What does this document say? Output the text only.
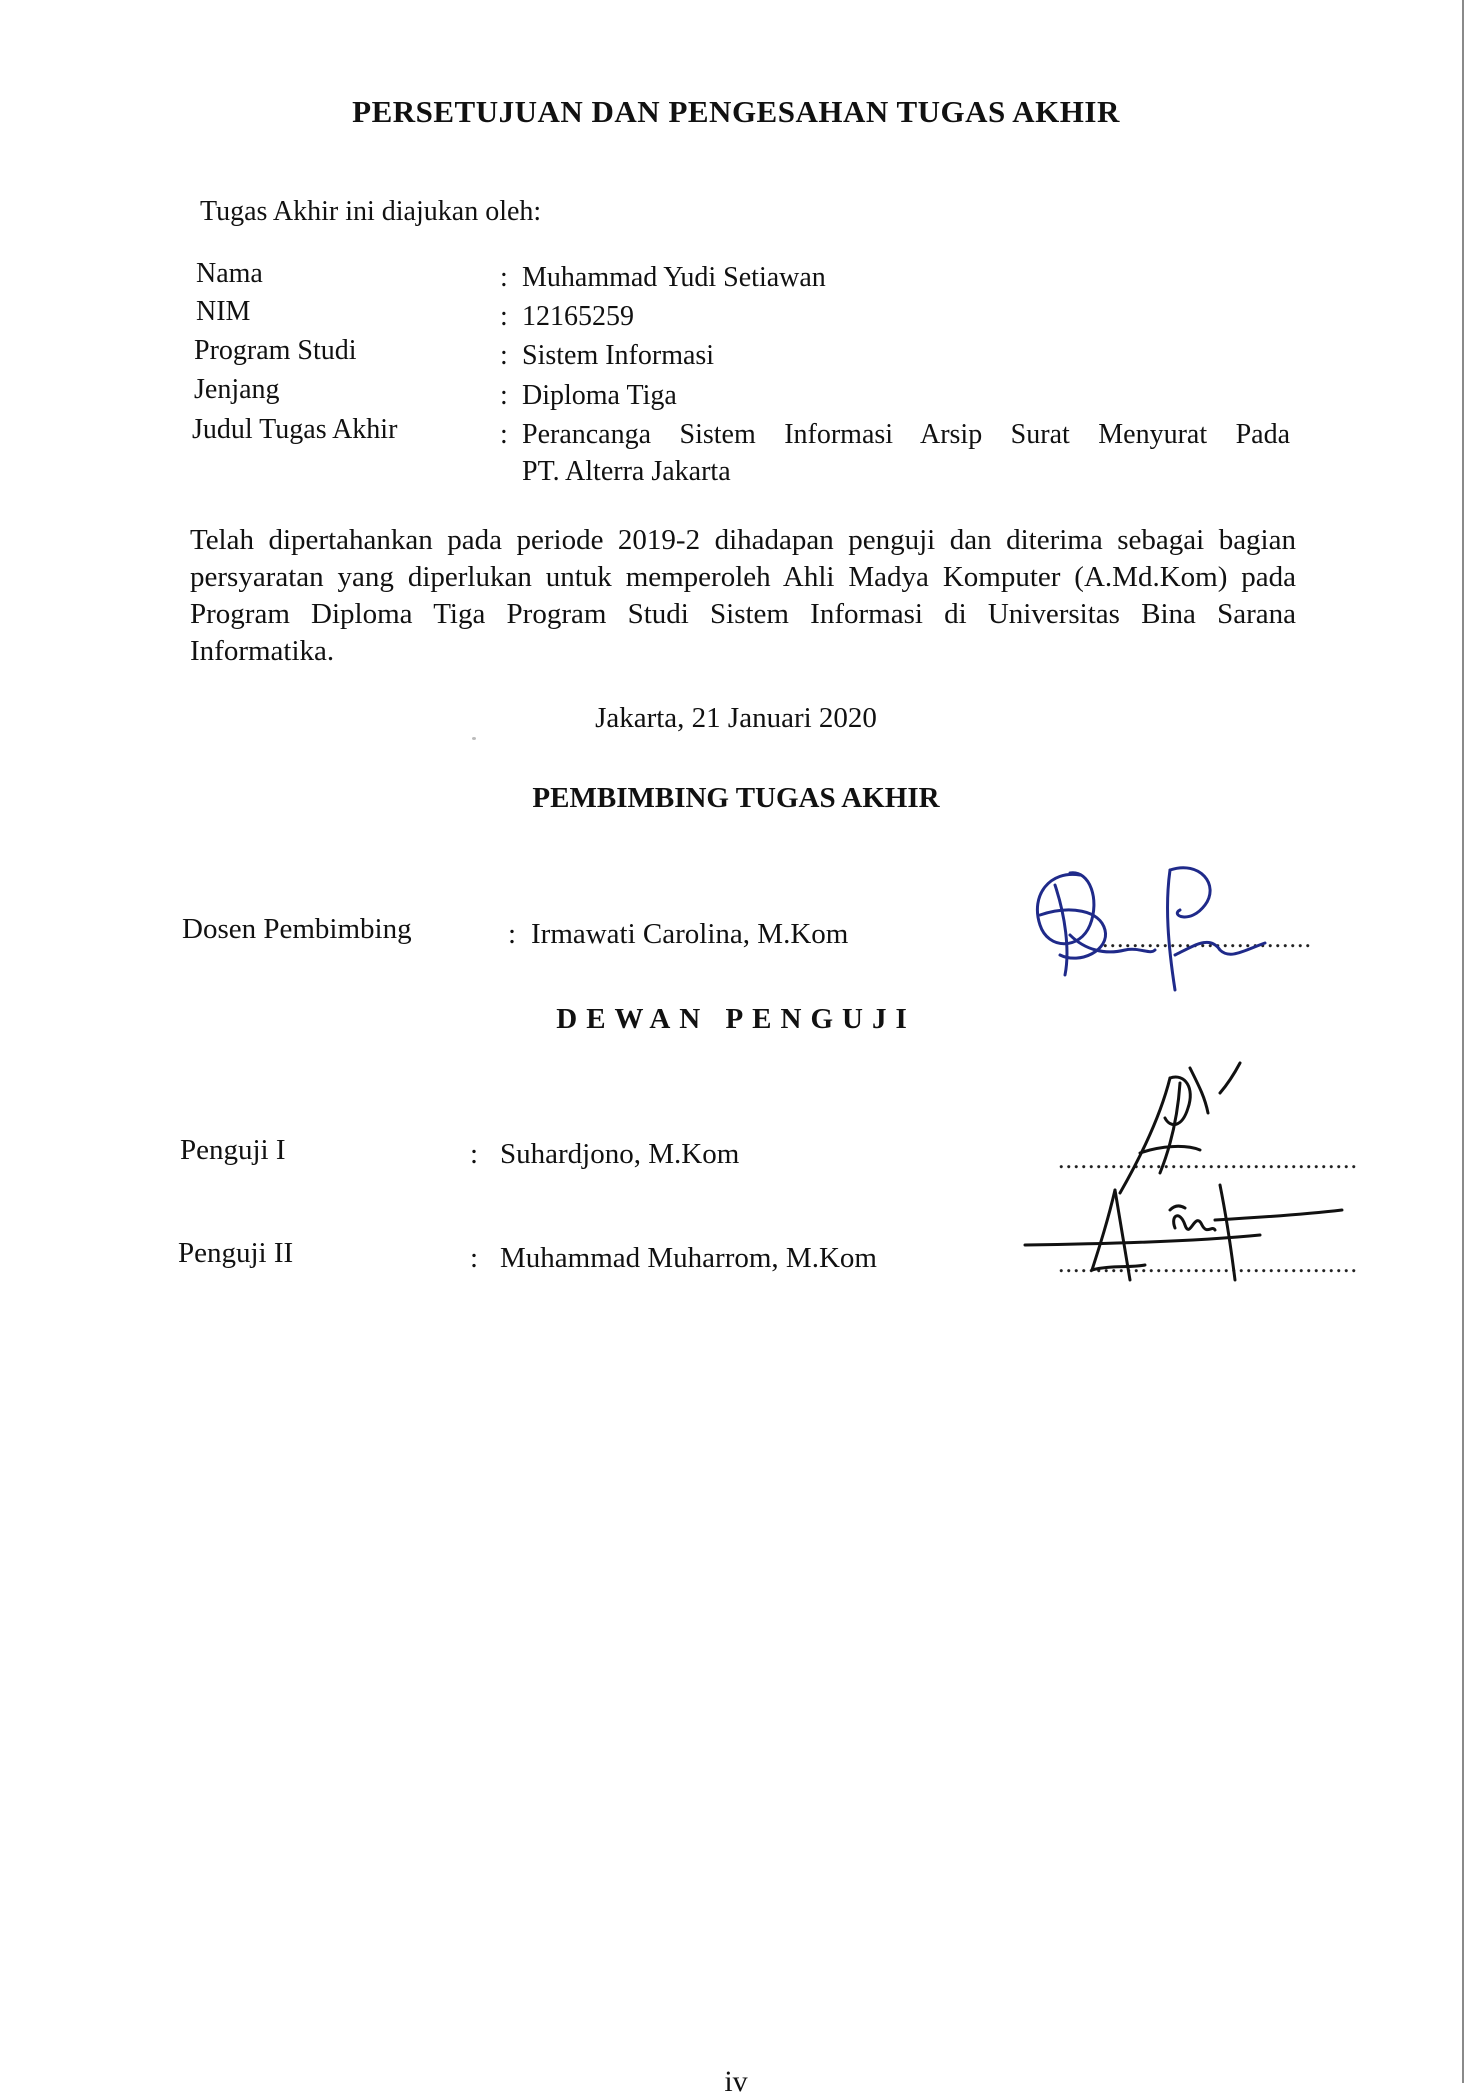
PERSETUJUAN DAN PENGESAHAN TUGAS AKHIR
Tugas Akhir ini diajukan oleh:
Nama	: Muhammad Yudi Setiawan
NIM	: 12165259
Program Studi	: Sistem Informasi
Jenjang	: Diploma Tiga
Judul Tugas Akhir	: Perancanga Sistem Informasi Arsip Surat Menyurat Pada
PT. Alterra Jakarta
Telah dipertahankan pada periode 2019-2 dihadapan penguji dan diterima sebagai bagian persyaratan yang diperlukan untuk memperoleh Ahli Madya Komputer (A.Md.Kom) pada Program Diploma Tiga Program Studi Sistem Informasi di Universitas Bina Sarana Informatika.
Jakarta, 21 Januari 2020
PEMBIMBING TUGAS AKHIR
Dosen Pembimbing	: Irmawati Carolina, M.Kom	............................
DEWAN PENGUJI
Penguji I	: Suhardjono, M.Kom	........................................
Penguji II	: Muhammad Muharrom, M.Kom	........................................
iv
